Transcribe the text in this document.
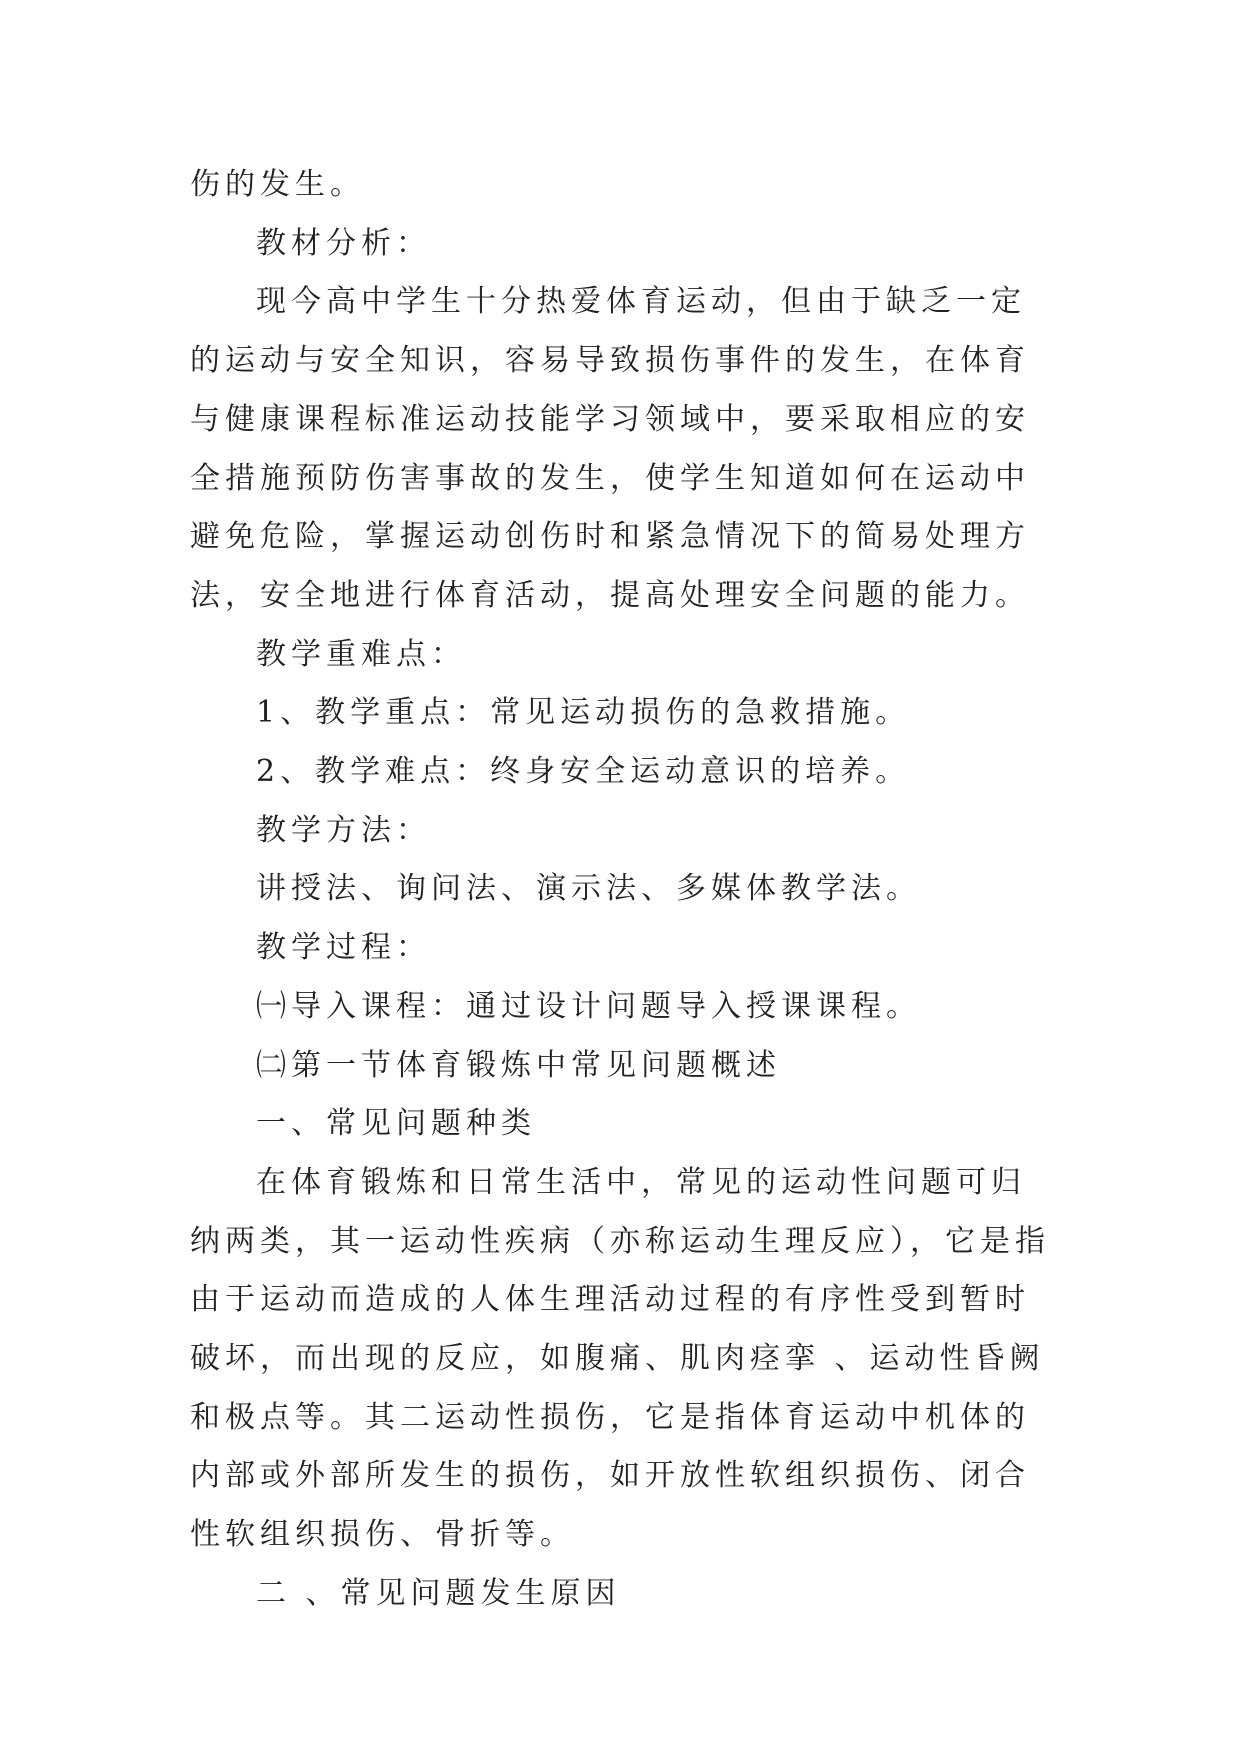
伤的发生。

教材分析：

现今高中学生十分热爱体育运动，但由于缺乏一定的运动与安全知识，容易导致损伤事件的发生，在体育与健康课程标准运动技能学习领域中，要采取相应的安全措施预防伤害事故的发生，使学生知道如何在运动中避免危险，掌握运动创伤时和紧急情况下的简易处理方法，安全地进行体育活动，提高处理安全问题的能力。

教学重难点：

1、教学重点：常见运动损伤的急救措施。

2、教学难点：终身安全运动意识的培养。

教学方法：

讲授法、询问法、演示法、多媒体教学法。

教学过程：

㈠导入课程：通过设计问题导入授课课程。

㈡第一节体育锻炼中常见问题概述

一、常见问题种类

在体育锻炼和日常生活中，常见的运动性问题可归纳两类，其一运动性疾病（亦称运动生理反应），它是指由于运动而造成的人体生理活动过程的有序性受到暂时破坏，而出现的反应，如腹痛、肌肉痉挛 、运动性昏阙和极点等。其二运动性损伤，它是指体育运动中机体的内部或外部所发生的损伤，如开放性软组织损伤、闭合性软组织损伤、骨折等。

二 、常见问题发生原因
